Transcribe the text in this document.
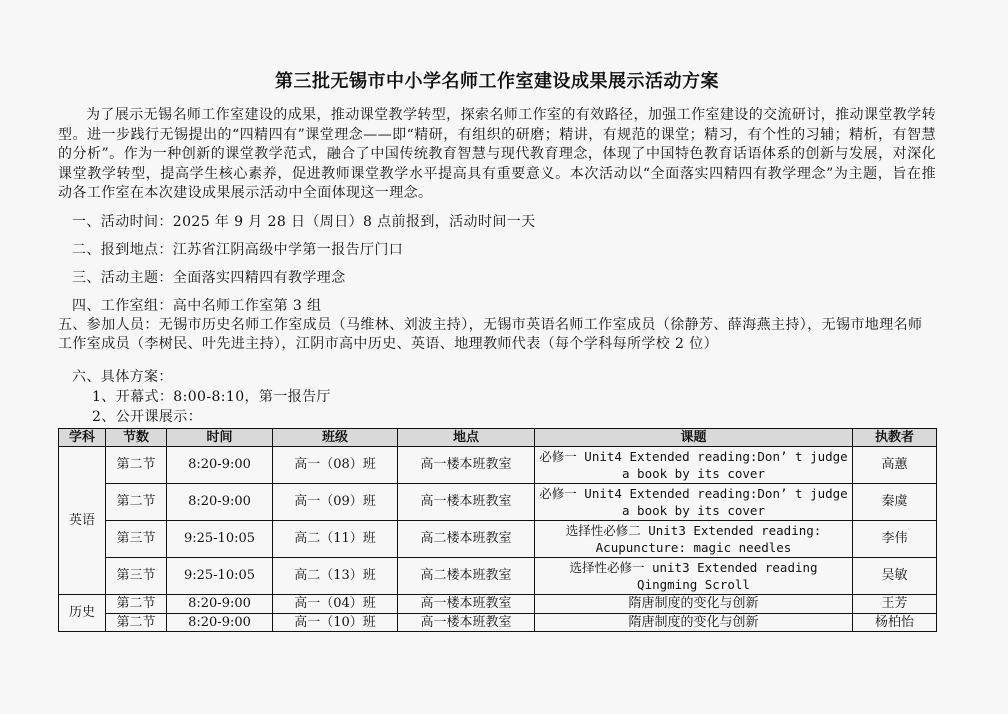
第三批无锡市中小学名师工作室建设成果展示活动方案

为了展示无锡名师工作室建设的成果，推动课堂教学转型，探索名师工作室的有效路径，加强工作室建设的交流研讨，推动课堂教学转型。进一步践行无锡提出的“四精四有”课堂理念——即“精研，有组织的研磨；精讲，有规范的课堂；精习，有个性的习辅；精析，有智慧的分析”。作为一种创新的课堂教学范式，融合了中国传统教育智慧与现代教育理念，体现了中国特色教育话语体系的创新与发展，对深化课堂教学转型，提高学生核心素养，促进教师课堂教学水平提高具有重要意义。本次活动以“全面落实四精四有教学理念”为主题，旨在推动各工作室在本次建设成果展示活动中全面体现这一理念。

一、活动时间：2025 年 9 月 28 日（周日）8 点前报到，活动时间一天

二、报到地点：江苏省江阴高级中学第一报告厅门口

三、活动主题：全面落实四精四有教学理念

四、工作室组：高中名师工作室第 3 组

五、参加人员：无锡市历史名师工作室成员（马维林、刘波主持），无锡市英语名师工作室成员（徐静芳、薛海燕主持），无锡市地理名师工作室成员（李树民、叶先进主持），江阴市高中历史、英语、地理教师代表（每个学科每所学校 2 位）

六、具体方案：

1、开幕式：8:00-8:10，第一报告厅

2、公开课展示：

学科	节数	时间	班级	地点	课题	执教者
英语	第二节	8:20-9:00	高一（08）班	高一楼本班教室	必修一 Unit4 Extended reading:Don’ t judge a book by its cover	高蕙
	第二节	8:20-9:00	高一（09）班	高一楼本班教室	必修一 Unit4 Extended reading:Don’ t judge a book by its cover	秦虞
	第三节	9:25-10:05	高二（11）班	高二楼本班教室	选择性必修二 Unit3 Extended reading: Acupuncture: magic needles	李伟
	第三节	9:25-10:05	高二（13）班	高二楼本班教室	选择性必修一 unit3 Extended reading Qingming Scroll	吴敏
历史	第二节	8:20-9:00	高一（04）班	高一楼本班教室	隋唐制度的变化与创新	王芳
	第二节	8:20-9:00	高一（10）班	高一楼本班教室	隋唐制度的变化与创新	杨柏怡
